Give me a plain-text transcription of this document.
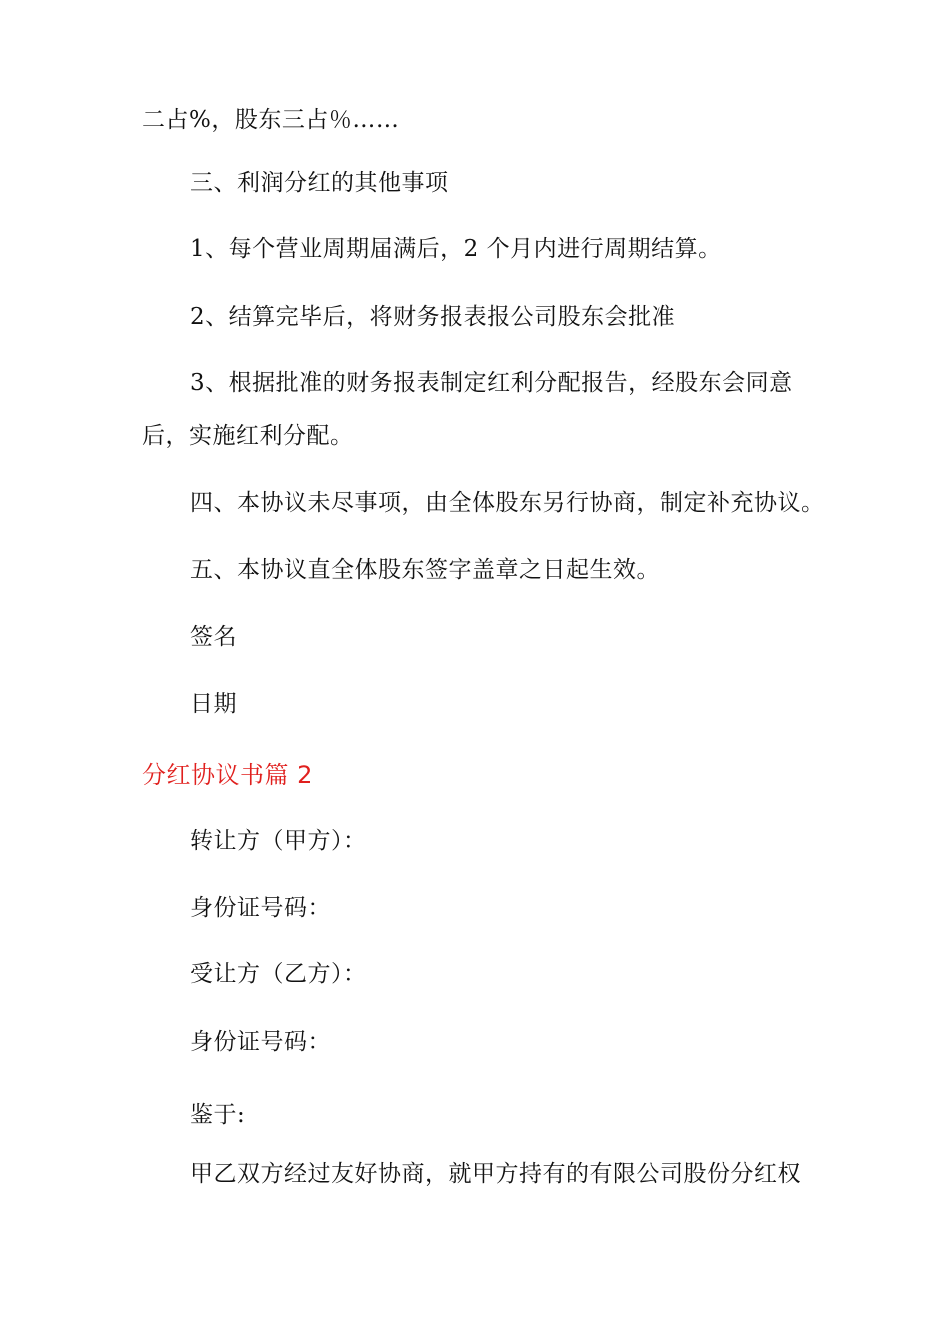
二占%，股东三占％……
三、利润分红的其他事项
1、每个营业周期届满后，2 个月内进行周期结算。
2、结算完毕后，将财务报表报公司股东会批准
3、根据批准的财务报表制定红利分配报告，经股东会同意
后，实施红利分配。
四、本协议未尽事项，由全体股东另行协商，制定补充协议。
五、本协议直全体股东签字盖章之日起生效。
签名
日期
分红协议书篇 2
转让方（甲方）：
身份证号码：
受让方（乙方）：
身份证号码：
鉴于:
甲乙双方经过友好协商，就甲方持有的有限公司股份分红权
